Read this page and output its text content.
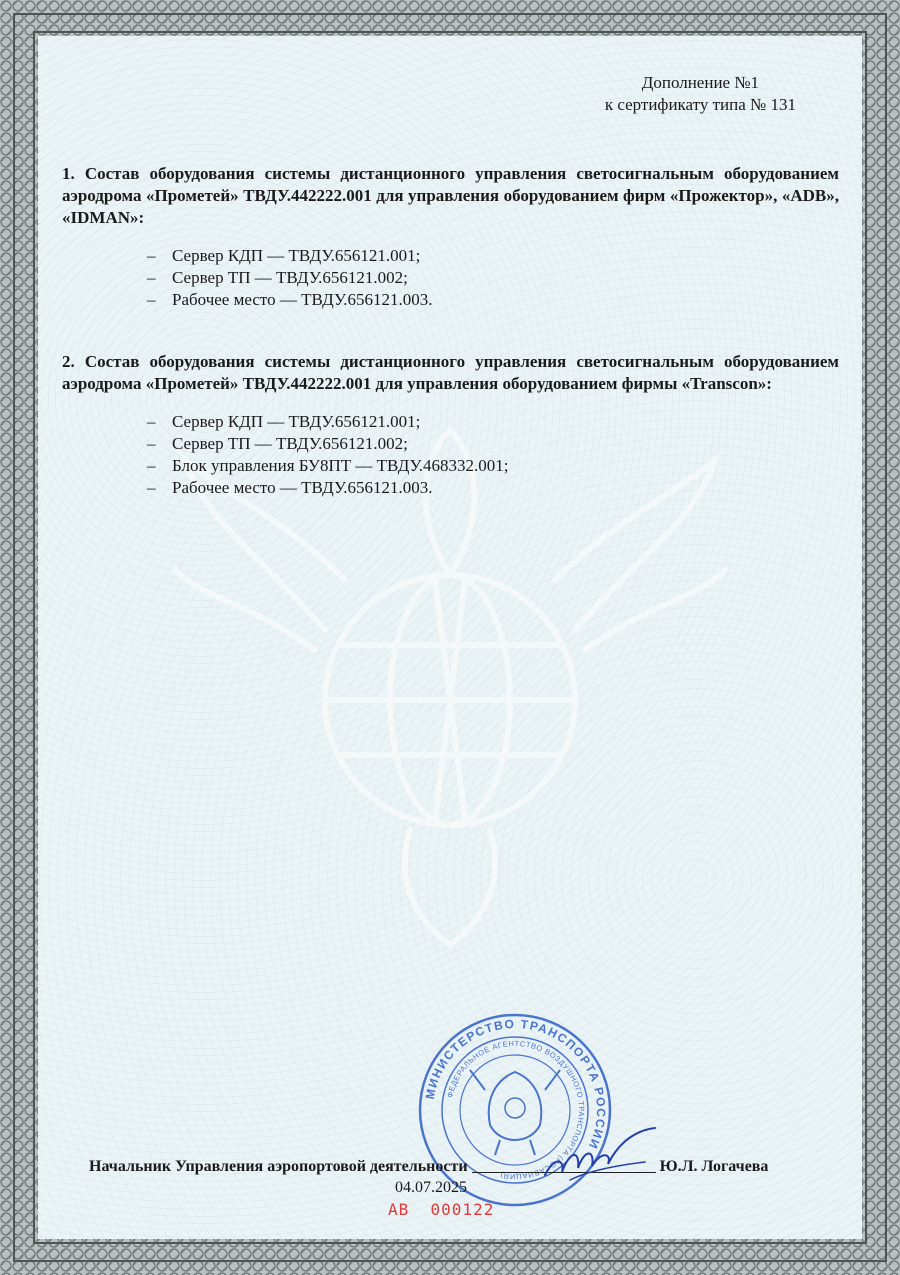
Дополнение №1
к сертификату типа № 131

1. Состав оборудования системы дистанционного управления светосигнальным оборудованием аэродрома «Прометей» ТВДУ.442222.001 для управления оборудованием фирм «Прожектор», «ADB», «IDMAN»:

– Сервер КДП — ТВДУ.656121.001;
– Сервер ТП — ТВДУ.656121.002;
– Рабочее место — ТВДУ.656121.003.

2. Состав оборудования системы дистанционного управления светосигнальным оборудованием аэродрома «Прометей» ТВДУ.442222.001 для управления оборудованием фирмы «Transcon»:

– Сервер КДП — ТВДУ.656121.001;
– Сервер ТП — ТВДУ.656121.002;
– Блок управления БУ8ПТ — ТВДУ.468332.001;
– Рабочее место — ТВДУ.656121.003.
МИНИСТЕРСТВО ТРАНСПОРТА РОССИИ
ФЕДЕРАЛЬНОЕ АГЕНТСТВО ВОЗДУШНОГО ТРАНСПОРТА (РОСАВИАЦИЯ)
Начальник Управления аэропортовой деятельности	Ю.Л. Логачева
04.07.2025
АВ 000122
